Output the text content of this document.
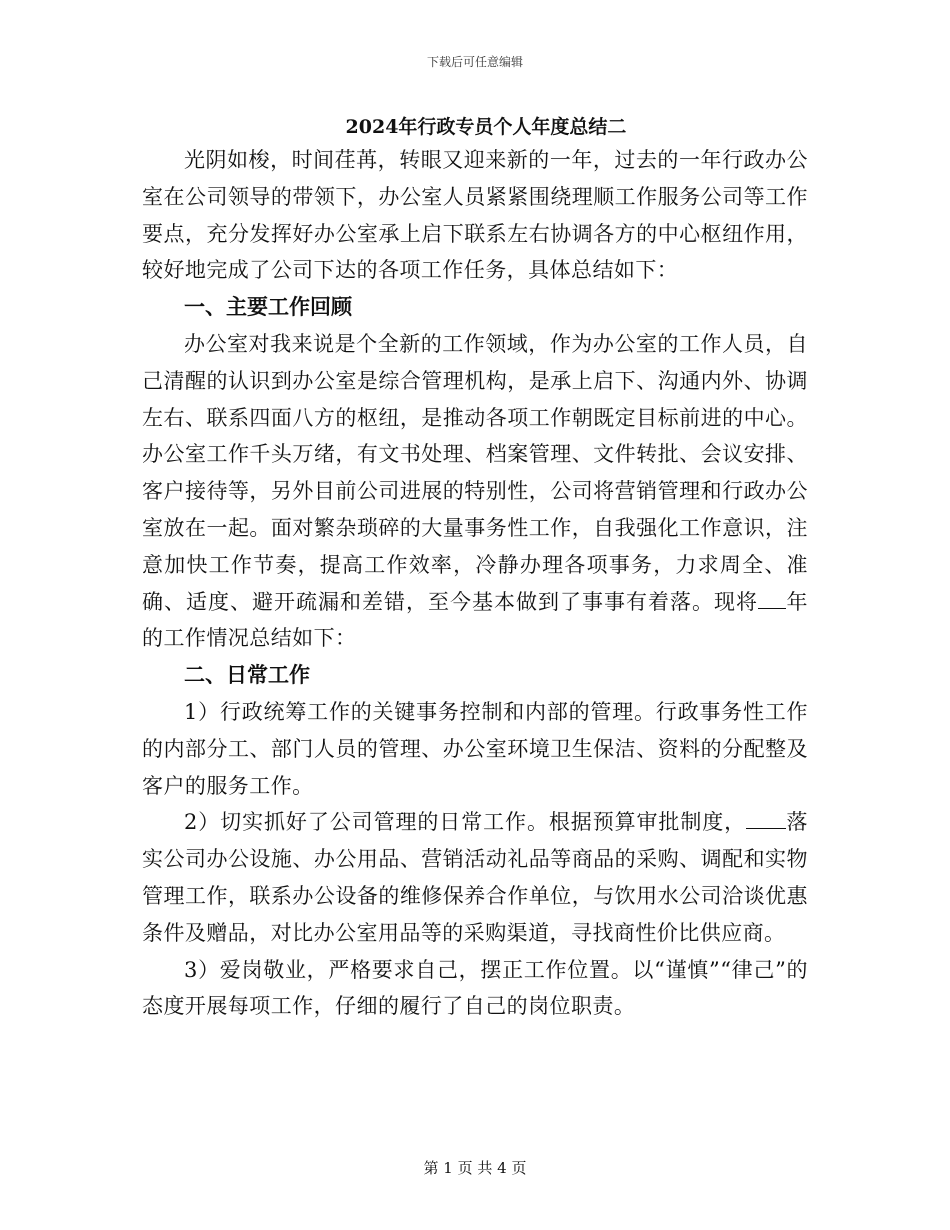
下载后可任意编辑
2024年行政专员个人年度总结二

光阴如梭，时间荏苒，转眼又迎来新的一年，过去的一年行政办公室在公司领导的带领下，办公室人员紧紧围绕理顺工作服务公司等工作要点，充分发挥好办公室承上启下联系左右协调各方的中心枢纽作用，较好地完成了公司下达的各项工作任务，具体总结如下：

一、主要工作回顾

办公室对我来说是个全新的工作领域，作为办公室的工作人员，自己清醒的认识到办公室是综合管理机构，是承上启下、沟通内外、协调左右、联系四面八方的枢纽，是推动各项工作朝既定目标前进的中心。办公室工作千头万绪，有文书处理、档案管理、文件转批、会议安排、客户接待等，另外目前公司进展的特别性，公司将营销管理和行政办公室放在一起。面对繁杂琐碎的大量事务性工作，自我强化工作意识，注意加快工作节奏，提高工作效率，冷静办理各项事务，力求周全、准确、适度、避开疏漏和差错，至今基本做到了事事有着落。现将 年的工作情况总结如下：

二、日常工作

1）行政统筹工作的关键事务控制和内部的管理。行政事务性工作的内部分工、部门人员的管理、办公室环境卫生保洁、资料的分配整及客户的服务工作。

2）切实抓好了公司管理的日常工作。根据预算审批制度， 落实公司办公设施、办公用品、营销活动礼品等商品的采购、调配和实物管理工作，联系办公设备的维修保养合作单位，与饮用水公司洽谈优惠条件及赠品，对比办公室用品等的采购渠道，寻找商性价比供应商。

3）爱岗敬业，严格要求自己，摆正工作位置。以“谨慎”“律己”的态度开展每项工作，仔细的履行了自己的岗位职责。

第 1 页 共 4 页
